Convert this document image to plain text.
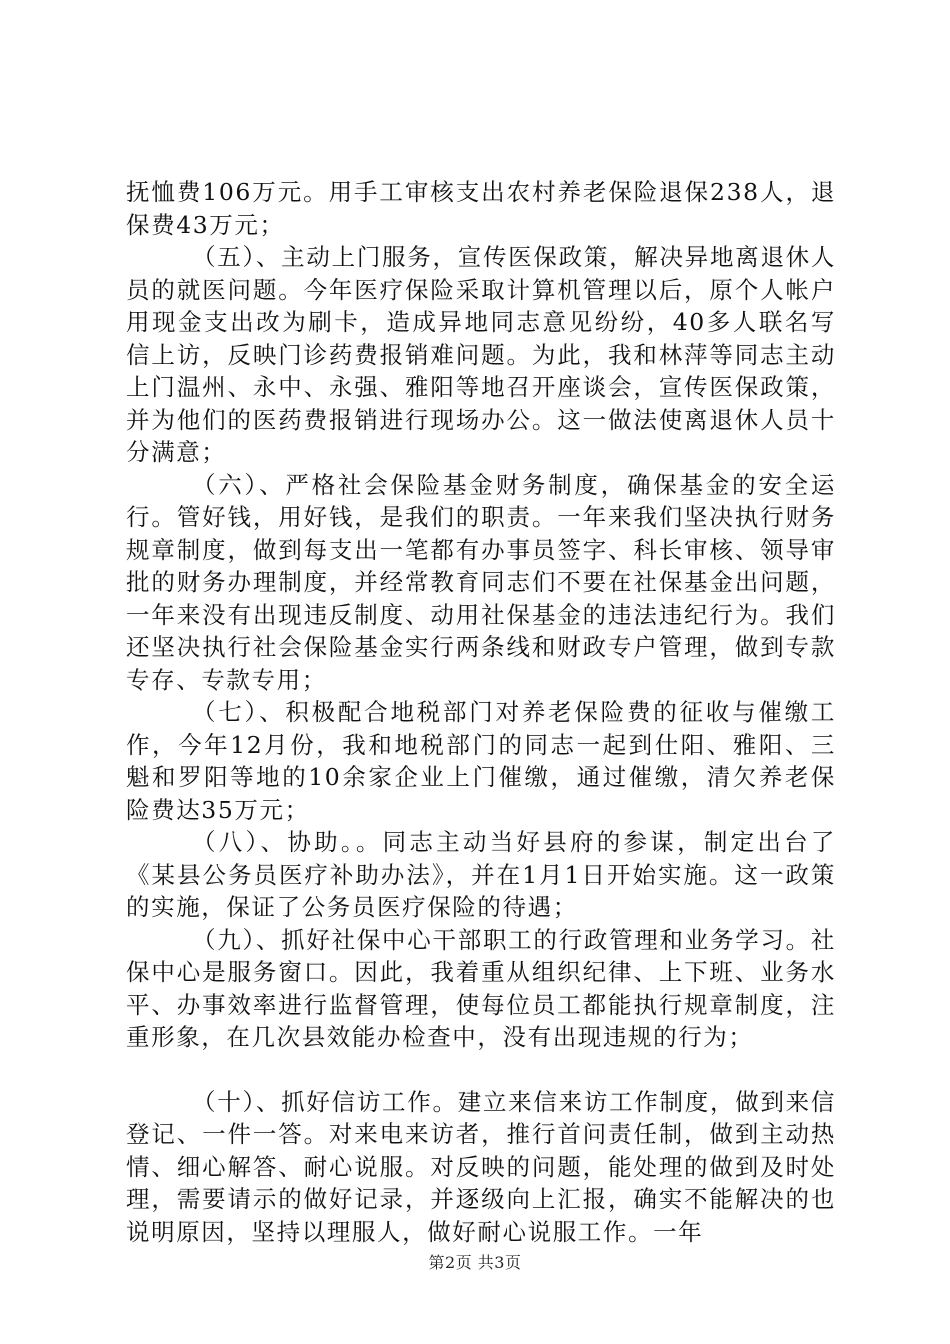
抚恤费106万元。用手工审核支出农村养老保险退保238人，退保费43万元；

（五）、主动上门服务，宣传医保政策，解决异地离退休人员的就医问题。今年医疗保险采取计算机管理以后，原个人帐户用现金支出改为刷卡，造成异地同志意见纷纷，40多人联名写信上访，反映门诊药费报销难问题。为此，我和林萍等同志主动上门温州、永中、永强、雅阳等地召开座谈会，宣传医保政策，并为他们的医药费报销进行现场办公。这一做法使离退休人员十分满意；

（六）、严格社会保险基金财务制度，确保基金的安全运行。管好钱，用好钱，是我们的职责。一年来我们坚决执行财务规章制度，做到每支出一笔都有办事员签字、科长审核、领导审批的财务办理制度，并经常教育同志们不要在社保基金出问题，一年来没有出现违反制度、动用社保基金的违法违纪行为。我们还坚决执行社会保险基金实行两条线和财政专户管理，做到专款专存、专款专用；

（七）、积极配合地税部门对养老保险费的征收与催缴工作，今年12月份，我和地税部门的同志一起到仕阳、雅阳、三魁和罗阳等地的10余家企业上门催缴，通过催缴，清欠养老保险费达35万元；

（八）、协助。。同志主动当好县府的参谋，制定出台了《某县公务员医疗补助办法》，并在1月1日开始实施。这一政策的实施，保证了公务员医疗保险的待遇；

（九）、抓好社保中心干部职工的行政管理和业务学习。社保中心是服务窗口。因此，我着重从组织纪律、上下班、业务水平、办事效率进行监督管理，使每位员工都能执行规章制度，注重形象，在几次县效能办检查中，没有出现违规的行为；

（十）、抓好信访工作。建立来信来访工作制度，做到来信登记、一件一答。对来电来访者，推行首问责任制，做到主动热情、细心解答、耐心说服。对反映的问题，能处理的做到及时处理，需要请示的做好记录，并逐级向上汇报，确实不能解决的也说明原因，坚持以理服人，做好耐心说服工作。一年

第2页 共3页
